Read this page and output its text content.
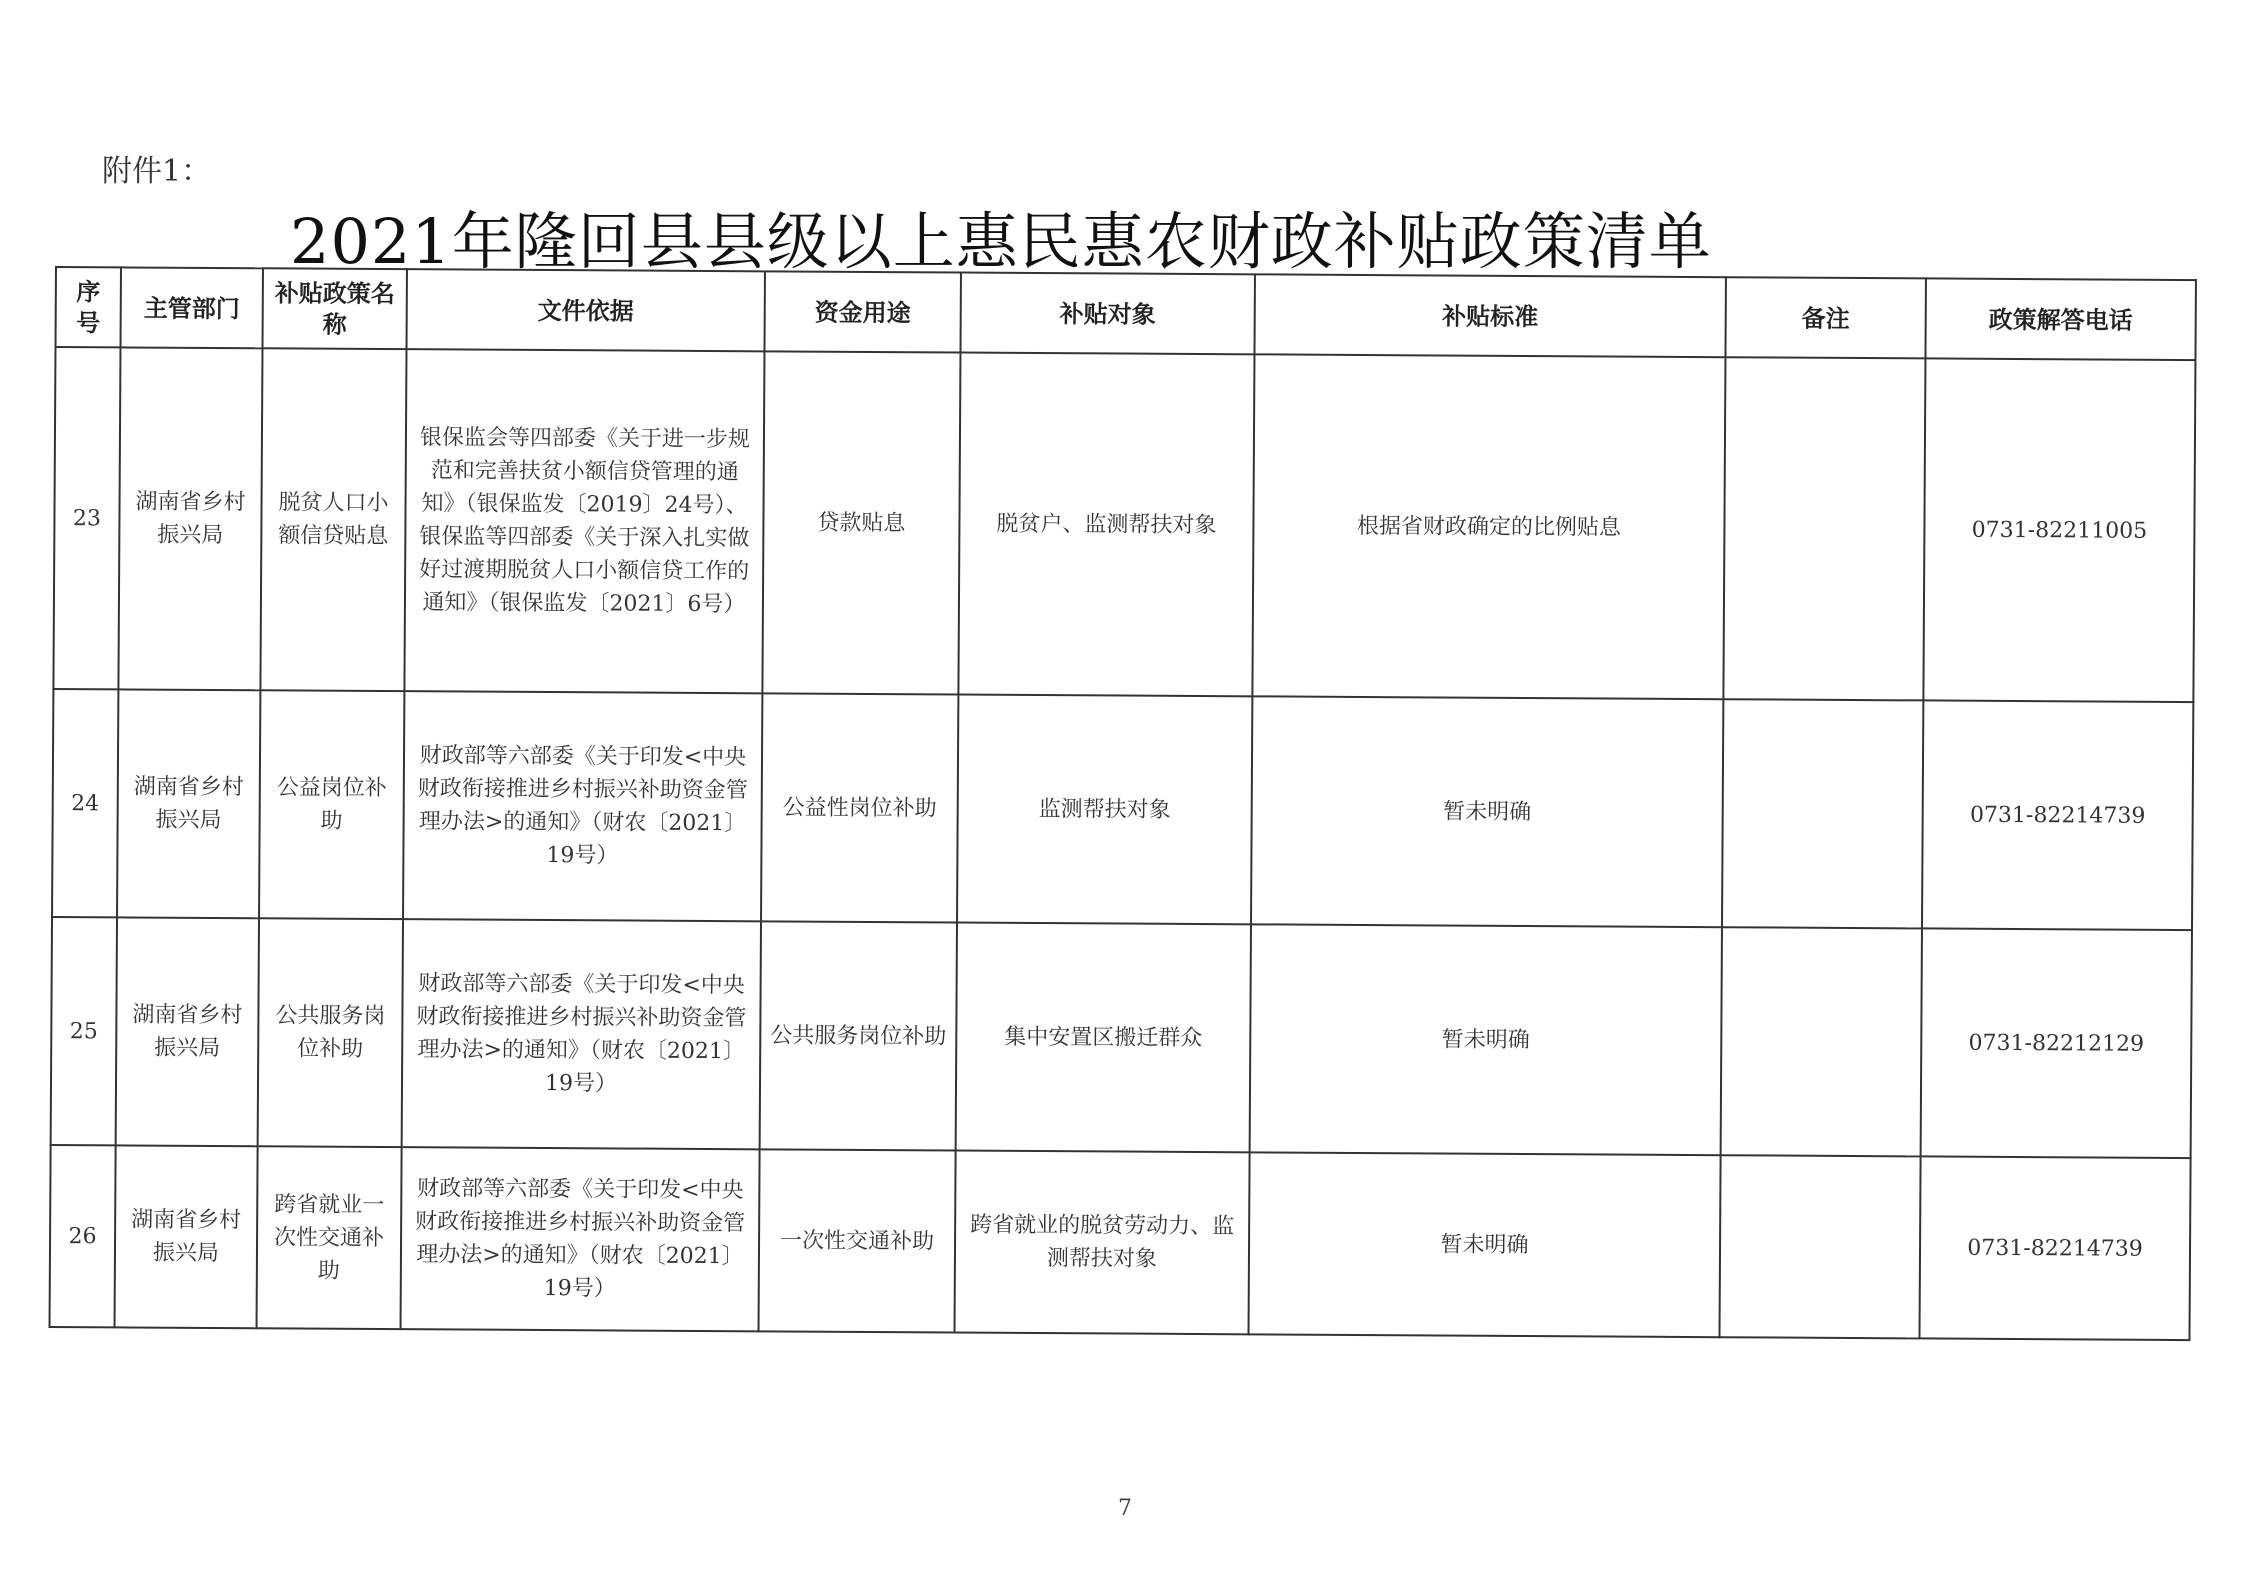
附件1：
2021年隆回县县级以上惠民惠农财政补贴政策清单
序号	主管部门	补贴政策名称	文件依据	资金用途	补贴对象	补贴标准	备注	政策解答电话
23	湖南省乡村振兴局	脱贫人口小额信贷贴息	银保监会等四部委《关于进一步规范和完善扶贫小额信贷管理的通知》（银保监发〔2019〕24号）、银保监等四部委《关于深入扎实做好过渡期脱贫人口小额信贷工作的通知》（银保监发〔2021〕6号）	贷款贴息	脱贫户、监测帮扶对象	根据省财政确定的比例贴息		0731-82211005
24	湖南省乡村振兴局	公益岗位补助	财政部等六部委《关于印发<中央财政衔接推进乡村振兴补助资金管理办法>的通知》（财农〔2021〕19号）	公益性岗位补助	监测帮扶对象	暂未明确		0731-82214739
25	湖南省乡村振兴局	公共服务岗位补助	财政部等六部委《关于印发<中央财政衔接推进乡村振兴补助资金管理办法>的通知》（财农〔2021〕19号）	公共服务岗位补助	集中安置区搬迁群众	暂未明确		0731-82212129
26	湖南省乡村振兴局	跨省就业一次性交通补助	财政部等六部委《关于印发<中央财政衔接推进乡村振兴补助资金管理办法>的通知》（财农〔2021〕19号）	一次性交通补助	跨省就业的脱贫劳动力、监测帮扶对象	暂未明确		0731-82214739
7
